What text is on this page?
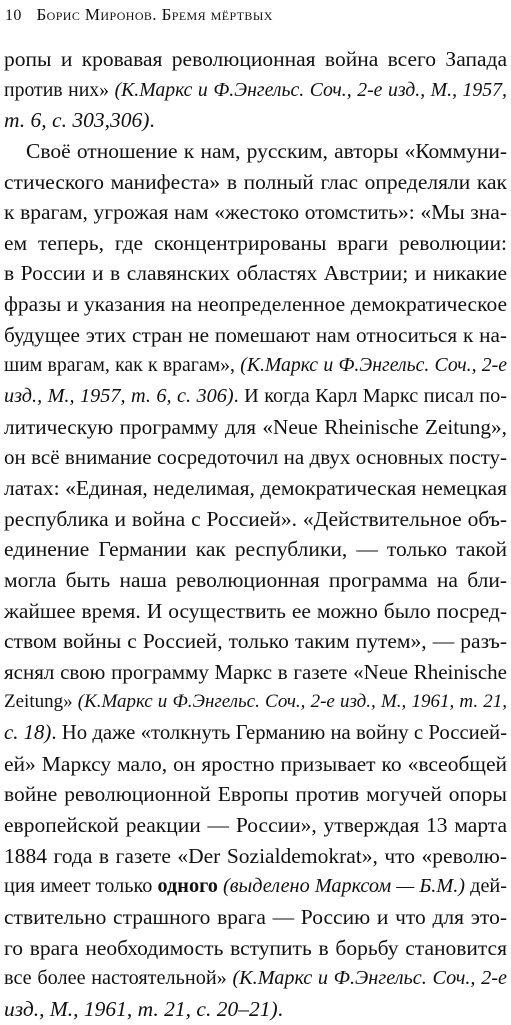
10 Борис Миронов. Бремя мёртвых
ропы и кровавая революционная война всего Запада
против них» (К.Маркс и Ф.Энгельс. Соч., 2-е изд., М., 1957,
т. 6, с. 303,306).
Своё отношение к нам, русским, авторы «Коммуни-
стического манифеста» в полный глас определяли как
к врагам, угрожая нам «жестоко отомстить»: «Мы зна-
ем теперь, где сконцентрированы враги революции:
в России и в славянских областях Австрии; и никакие
фразы и указания на неопределенное демократическое
будущее этих стран не помешают нам относиться к на-
шим врагам, как к врагам», (К.Маркс и Ф.Энгельс. Соч., 2-е
изд., М., 1957, т. 6, с. 306). И когда Карл Маркс писал по-
литическую программу для «Neue Rheinische Zeitung»,
он всё внимание сосредоточил на двух основных посту-
латах: «Единая, неделимая, демократическая немецкая
республика и война с Россией». «Действительное объ-
единение Германии как республики, — только такой
могла быть наша революционная программа на бли-
жайшее время. И осуществить ее можно было посред-
ством войны с Россией, только таким путем», — разъ-
яснял свою программу Маркс в газете «Neue Rheinische
Zeitung» (К.Маркс и Ф.Энгельс. Соч., 2-е изд., М., 1961, т. 21,
с. 18). Но даже «толкнуть Германию на войну с Россией-
ей» Марксу мало, он яростно призывает ко «всеобщей
войне революционной Европы против могучей опоры
европейской реакции — России», утверждая 13 марта
1884 года в газете «Der Sozialdemokrat», что «револю-
ция имеет только одного (выделено Марксом — Б.М.) дей-
ствительно страшного врага — Россию и что для это-
го врага необходимость вступить в борьбу становится
все более настоятельной» (К.Маркс и Ф.Энгельс. Соч., 2-е
изд., М., 1961, т. 21, с. 20–21).
